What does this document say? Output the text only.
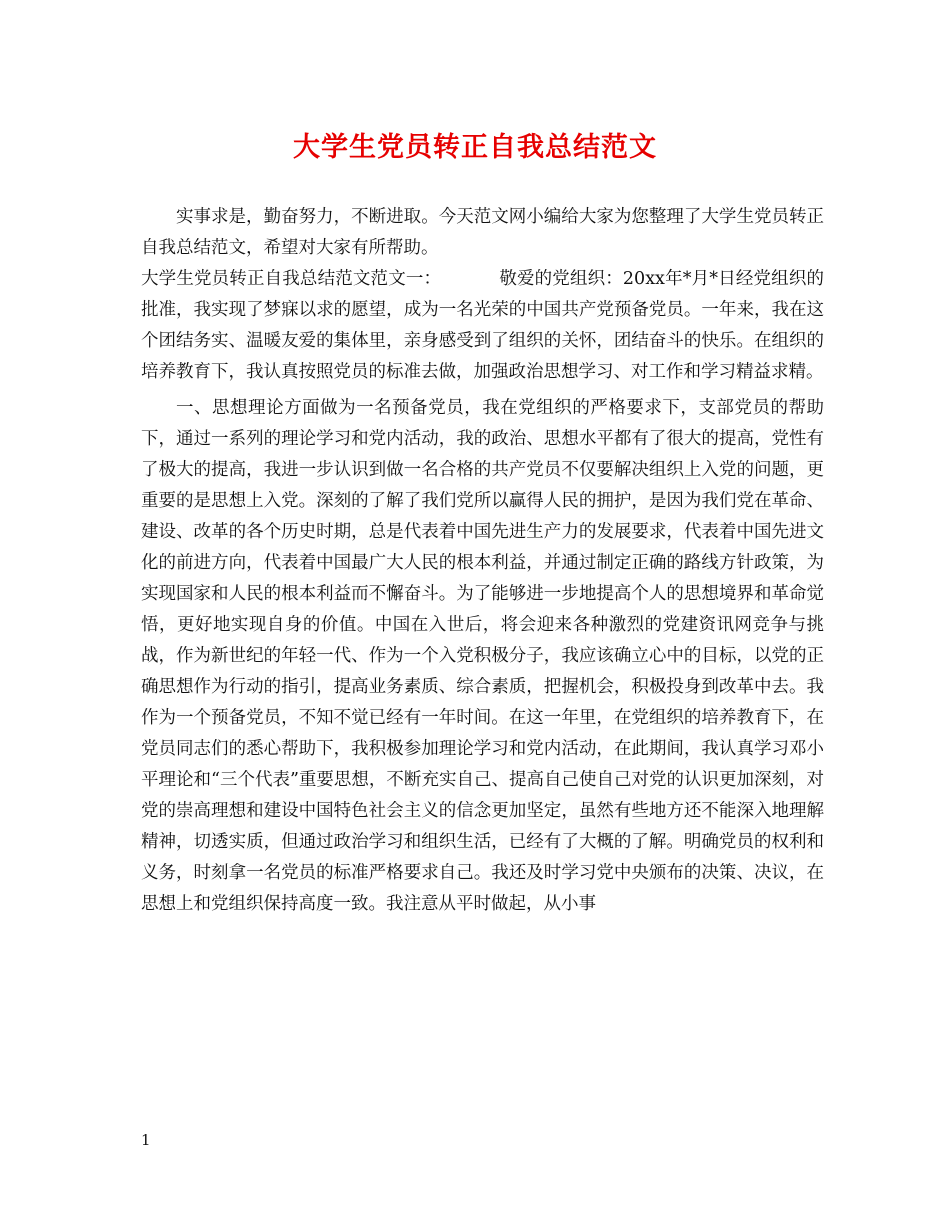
大学生党员转正自我总结范文

实事求是，勤奋努力，不断进取。今天范文网小编给大家为您整理了大学生党员转正自我总结范文，希望对大家有所帮助。

大学生党员转正自我总结范文范文一：	敬爱的党组织：20xx年*月*日经党组织的批准，我实现了梦寐以求的愿望，成为一名光荣的中国共产党预备党员。一年来，我在这个团结务实、温暖友爱的集体里，亲身感受到了组织的关怀，团结奋斗的快乐。在组织的培养教育下，我认真按照党员的标准去做，加强政治思想学习、对工作和学习精益求精。

一、思想理论方面做为一名预备党员，我在党组织的严格要求下，支部党员的帮助下，通过一系列的理论学习和党内活动，我的政治、思想水平都有了很大的提高，党性有了极大的提高，我进一步认识到做一名合格的共产党员不仅要解决组织上入党的问题，更重要的是思想上入党。深刻的了解了我们党所以赢得人民的拥护，是因为我们党在革命、建设、改革的各个历史时期，总是代表着中国先进生产力的发展要求，代表着中国先进文化的前进方向，代表着中国最广大人民的根本利益，并通过制定正确的路线方针政策，为实现国家和人民的根本利益而不懈奋斗。为了能够进一步地提高个人的思想境界和革命觉悟，更好地实现自身的价值。中国在入世后，将会迎来各种激烈的党建资讯网竞争与挑战，作为新世纪的年轻一代、作为一个入党积极分子，我应该确立心中的目标，以党的正确思想作为行动的指引，提高业务素质、综合素质，把握机会，积极投身到改革中去。我作为一个预备党员，不知不觉已经有一年时间。在这一年里，在党组织的培养教育下，在党员同志们的悉心帮助下，我积极参加理论学习和党内活动，在此期间，我认真学习邓小平理论和“三个代表”重要思想，不断充实自己、提高自己使自己对党的认识更加深刻，对党的崇高理想和建设中国特色社会主义的信念更加坚定，虽然有些地方还不能深入地理解精神，切透实质，但通过政治学习和组织生活，已经有了大概的了解。明确党员的权利和义务，时刻拿一名党员的标准严格要求自己。我还及时学习党中央颁布的决策、决议，在思想上和党组织保持高度一致。我注意从平时做起，从小事

1
